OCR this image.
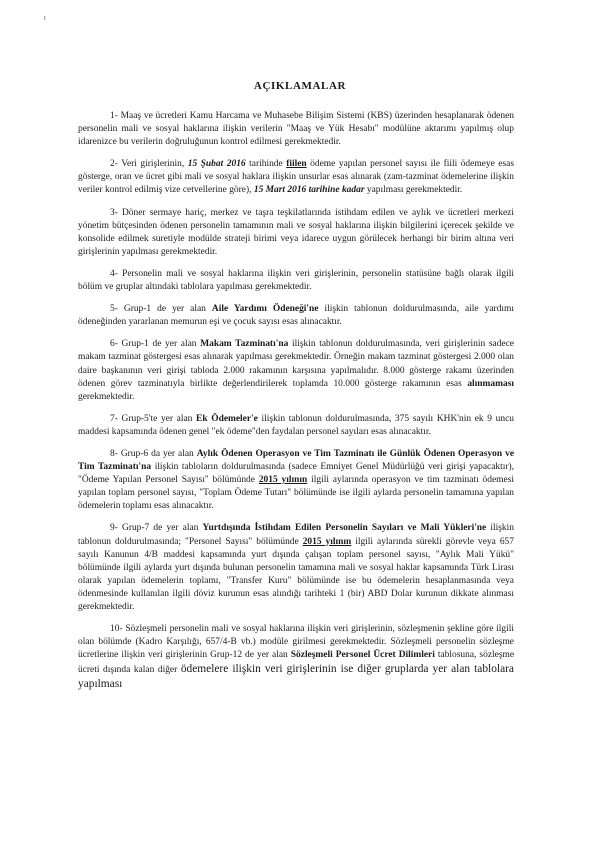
t
AÇIKLAMALAR

1- Maaş ve ücretleri Kamu Harcama ve Muhasebe Bilişim Sistemi (KBS) üzerinden hesaplanarak ödenen personelin mali ve sosyal haklarına ilişkin verilerin "Maaş ve Yük Hesabı" modülüne aktarımı yapılmış olup idarenizce bu verilerin doğruluğunun kontrol edilmesi gerekmektedir.

2- Veri girişlerinin, 15 Şubat 2016 tarihinde fiilen ödeme yapılan personel sayısı ile fiili ödemeye esas gösterge, oran ve ücret gibi mali ve sosyal haklara ilişkin unsurlar esas alınarak (zam-tazminat ödemelerine ilişkin veriler kontrol edilmiş vize cetvellerine göre), 15 Mart 2016 tarihine kadar yapılması gerekmektedir.

3- Döner sermaye hariç, merkez ve taşra teşkilatlarında istihdam edilen ve aylık ve ücretleri merkezi yönetim bütçesinden ödenen personelin tamamının mali ve sosyal haklarına ilişkin bilgilerini içerecek şekilde ve konsolide edilmek suretiyle modülde strateji birimi veya idarece uygun görülecek herhangi bir birim altına veri girişlerinin yapılması gerekmektedir.

4- Personelin mali ve sosyal haklarına ilişkin veri girişlerinin, personelin statüsüne bağlı olarak ilgili bölüm ve gruplar altındaki tablolara yapılması gerekmektedir.

5- Grup-1 de yer alan Aile Yardımı Ödeneği'ne ilişkin tablonun doldurulmasında, aile yardımı ödeneğinden yararlanan memurun eşi ve çocuk sayısı esas alınacaktır.

6- Grup-1 de yer alan Makam Tazminatı'na ilişkin tablonun doldurulmasında, veri girişlerinin sadece makam tazminat göstergesi esas alınarak yapılması gerekmektedir. Örneğin makam tazminat göstergesi 2.000 olan daire başkanının veri girişi tabloda 2.000 rakamının karşısına yapılmalıdır. 8.000 gösterge rakamı üzerinden ödenen görev tazminatıyla birlikte değerlendirilerek toplamda 10.000 gösterge rakamının esas alınmaması gerekmektedir.

7- Grup-5'te yer alan Ek Ödemeler'e ilişkin tablonun doldurulmasında, 375 sayılı KHK'nin ek 9 uncu maddesi kapsamında ödenen genel "ek ödeme"den faydalan personel sayıları esas alınacaktır.

8- Grup-6 da yer alan Aylık Ödenen Operasyon ve Tim Tazminatı ile Günlük Ödenen Operasyon ve Tim Tazminatı'na ilişkin tabloların doldurulmasında (sadece Emniyet Genel Müdürlüğü veri girişi yapacaktır), "Ödeme Yapılan Personel Sayısı" bölümünde 2015 yılının ilgili aylarında operasyon ve tim tazminatı ödemesi yapılan toplam personel sayısı, "Toplam Ödeme Tutarı" bölümünde ise ilgili aylarda personelin tamamına yapılan ödemelerin toplamı esas alınacaktır.

9- Grup-7 de yer alan Yurtdışında İstihdam Edilen Personelin Sayıları ve Mali Yükleri'ne ilişkin tablonun doldurulmasında; "Personel Sayısı" bölümünde 2015 yılının ilgili aylarında sürekli görevle veya 657 sayılı Kanunun 4/B maddesi kapsamında yurt dışında çalışan toplam personel sayısı, "Aylık Mali Yükü" bölümünde ilgili aylarda yurt dışında bulunan personelin tamamına mali ve sosyal haklar kapsamında Türk Lirası olarak yapılan ödemelerin toplamı, "Transfer Kuru" bölümünde ise bu ödemelerin hesaplanmasında veya ödenmesinde kullanılan ilgili döviz kurunun esas alındığı tarihteki 1 (bir) ABD Dolar kurunun dikkate alınması gerekmektedir.

10- Sözleşmeli personelin mali ve sosyal haklarına ilişkin veri girişlerinin, sözleşmenin şekline göre ilgili olan bölümde (Kadro Karşılığı, 657/4-B vb.) modüle girilmesi gerekmektedir. Sözleşmeli personelin sözleşme ücretlerine ilişkin veri girişlerinin Grup-12 de yer alan Sözleşmeli Personel Ücret Dilimleri tablosuna, sözleşme ücreti dışında kalan diğer ödemelere ilişkin veri girişlerinin ise diğer gruplarda yer alan tablolara yapılması
